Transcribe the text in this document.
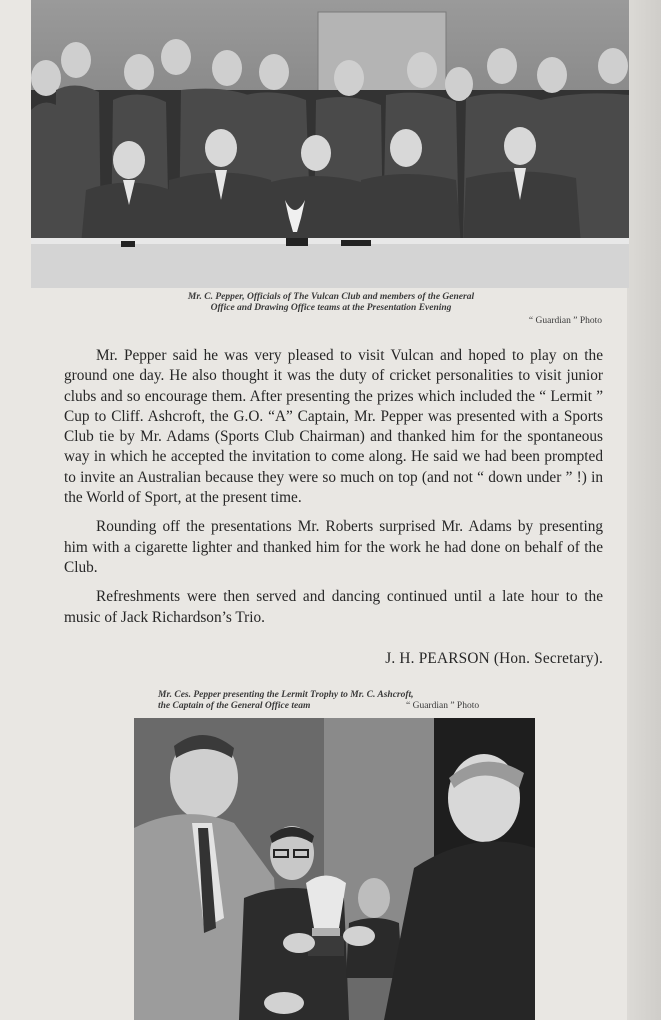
Mr. C. Pepper, Officials of The Vulcan Club and members of the General
Office and Drawing Office teams at the Presentation Evening
“ Guardian ” Photo

Mr. Pepper said he was very pleased to visit Vulcan and hoped to play on the ground one day. He also thought it was the duty of cricket personalities to visit junior clubs and so encourage them. After presenting the prizes which included the “ Lermit ” Cup to Cliff. Ashcroft, the G.O. “A” Captain, Mr. Pepper was presented with a Sports Club tie by Mr. Adams (Sports Club Chairman) and thanked him for the spontaneous way in which he accepted the invitation to come along. He said we had been prompted to invite an Australian because they were so much on top (and not “ down under ” !) in the World of Sport, at the present time.

Rounding off the presentations Mr. Roberts surprised Mr. Adams by presenting him with a cigarette lighter and thanked him for the work he had done on behalf of the Club.

Refreshments were then served and dancing continued until a late hour to the music of Jack Richardson’s Trio.

J. H. PEARSON (Hon. Secretary).
Mr. Ces. Pepper presenting the Lermit Trophy to Mr. C. Ashcroft,
the Captain of the General Office team	“ Guardian ” Photo
